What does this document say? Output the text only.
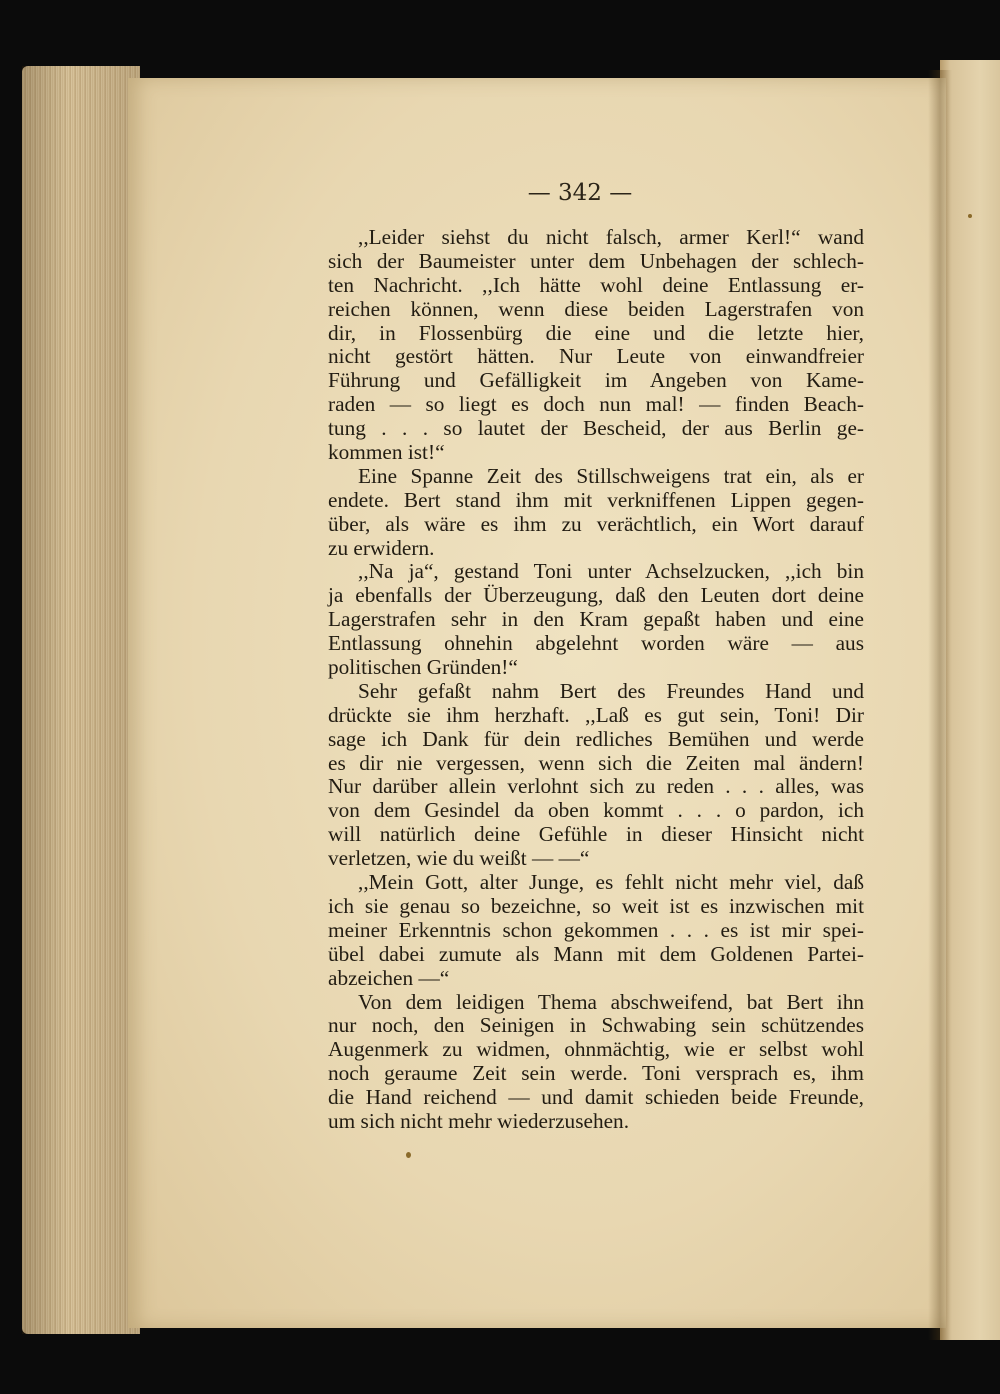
— 342 —
,,Leider siehst du nicht falsch, armer Kerl!“ wand
sich der Baumeister unter dem Unbehagen der schlech-
ten Nachricht. ,,Ich hätte wohl deine Entlassung er-
reichen können, wenn diese beiden Lagerstrafen von
dir, in Flossenbürg die eine und die letzte hier,
nicht gestört hätten. Nur Leute von einwandfreier
Führung und Gefälligkeit im Angeben von Kame-
raden — so liegt es doch nun mal! — finden Beach-
tung . . . so lautet der Bescheid, der aus Berlin ge-
kommen ist!“
Eine Spanne Zeit des Stillschweigens trat ein, als er
endete. Bert stand ihm mit verkniffenen Lippen gegen-
über, als wäre es ihm zu verächtlich, ein Wort darauf
zu erwidern.
,,Na ja“, gestand Toni unter Achselzucken, ,,ich bin
ja ebenfalls der Überzeugung, daß den Leuten dort deine
Lagerstrafen sehr in den Kram gepaßt haben und eine
Entlassung ohnehin abgelehnt worden wäre — aus
politischen Gründen!“
Sehr gefaßt nahm Bert des Freundes Hand und
drückte sie ihm herzhaft. ,,Laß es gut sein, Toni! Dir
sage ich Dank für dein redliches Bemühen und werde
es dir nie vergessen, wenn sich die Zeiten mal ändern!
Nur darüber allein verlohnt sich zu reden . . . alles, was
von dem Gesindel da oben kommt . . . o pardon, ich
will natürlich deine Gefühle in dieser Hinsicht nicht
verletzen, wie du weißt — —“
,,Mein Gott, alter Junge, es fehlt nicht mehr viel, daß
ich sie genau so bezeichne, so weit ist es inzwischen mit
meiner Erkenntnis schon gekommen . . . es ist mir spei-
übel dabei zumute als Mann mit dem Goldenen Partei-
abzeichen —“
Von dem leidigen Thema abschweifend, bat Bert ihn
nur noch, den Seinigen in Schwabing sein schützendes
Augenmerk zu widmen, ohnmächtig, wie er selbst wohl
noch geraume Zeit sein werde. Toni versprach es, ihm
die Hand reichend — und damit schieden beide Freunde,
um sich nicht mehr wiederzusehen.
